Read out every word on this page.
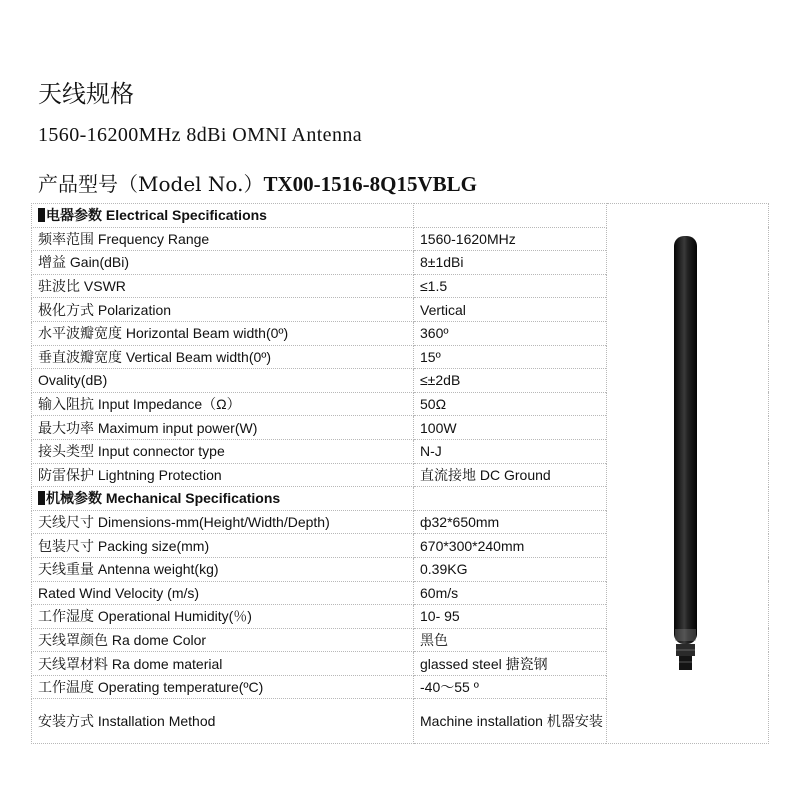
天线规格
1560-16200MHz 8dBi OMNI Antenna
产品型号（Model No.）TX00-1516-8Q15VBLG
电器参数 Electrical Specifications		

频率范围 Frequency Range	1560-1620MHz	
增益 Gain(dBi)	8±1dBi	
驻波比 VSWR	≤1.5	
极化方式 Polarization	Vertical	
水平波瓣宽度 Horizontal Beam width(0º)	360º	
垂直波瓣宽度 Vertical Beam width(0º)	15º	
Ovality(dB)	≤±2dB	
输入阻抗 Input Impedance（Ω）	50Ω	
最大功率 Maximum input power(W)	100W	
接头类型 Input connector type	N-J	
防雷保护 Lightning Protection	直流接地 DC Ground	
机械参数 Mechanical Specifications		
天线尺寸 Dimensions-mm(Height/Width/Depth)	ф32*650mm	
包装尺寸 Packing size(mm)	670*300*240mm	
天线重量 Antenna weight(kg)	0.39KG	
Rated Wind Velocity (m/s)	60m/s	
工作湿度 Operational Humidity(％)	10- 95	
天线罩颜色 Ra dome Color	黑色	
天线罩材料 Ra dome material	glassed steel 搪瓷钢	
工作温度 Operating temperature(ºC)	-40～55 º	
安装方式 Installation Method	Machine installation 机器安装	
